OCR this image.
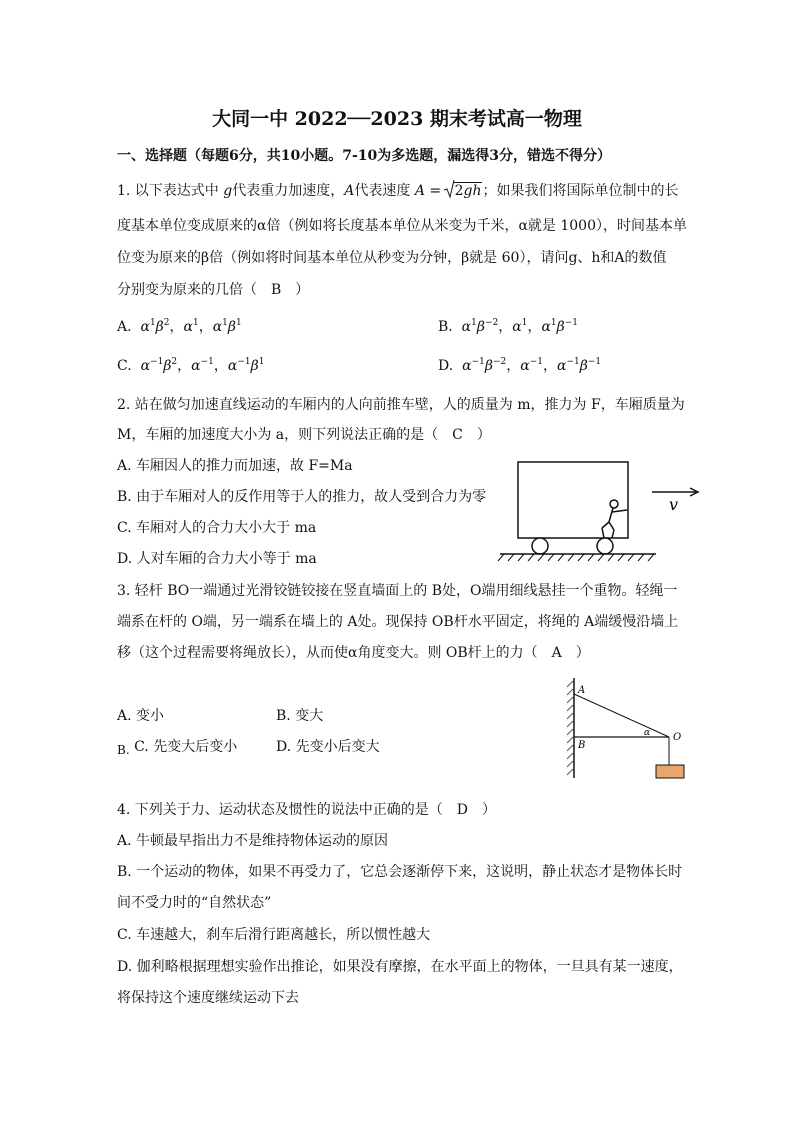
大同一中 2022──2023 期末考试高一物理
一、选择题（每题6分，共10小题。7-10为多选题，漏选得3分，错选不得分）
1. 以下表达式中 g代表重力加速度，A代表速度 A =
2gh；如果我们将国际单位制中的长
度基本单位变成原来的α倍（例如将长度基本单位从米变为千米，α就是 1000），时间基本单
位变为原来的β倍（例如将时间基本单位从秒变为分钟，β就是 60），请问g、h和A的数值
分别变为原来的几倍（　B　）
A. $\alpha^1\beta^2$，$\alpha^1$，$\alpha^1\beta^1$	B. $\alpha^1\beta^{-2}$，$\alpha^1$，$\alpha^1\beta^{-1}$
C. $\alpha^{-1}\beta^2$，$\alpha^{-1}$，$\alpha^{-1}\beta^1$	D. $\alpha^{-1}\beta^{-2}$，$\alpha^{-1}$，$\alpha^{-1}\beta^{-1}$
2. 站在做匀加速直线运动的车厢内的人向前推车壁，人的质量为 m，推力为 F，车厢质量为
M，车厢的加速度大小为 a，则下列说法正确的是（　C　）
A. 车厢因人的推力而加速，故 F=Ma
B. 由于车厢对人的反作用等于人的推力，故人受到合力为零
C. 车厢对人的合力大小大于 ma
D. 人对车厢的合力大小等于 ma
v
3. 轻杆 BO一端通过光滑铰链铰接在竖直墙面上的 B处，O端用细线悬挂一个重物。轻绳一
端系在杆的 O端，另一端系在墙上的 A处。现保持 OB杆水平固定，将绳的 A端缓慢沿墙上
移（这个过程需要将绳放长），从而使α角度变大。则 OB杆上的力（　A　）
A. 变小	B. 变大
B. C. 先变大后变小	D. 先变小后变大
A
B
O
α
4. 下列关于力、运动状态及惯性的说法中正确的是（　D　）
A. 牛顿最早指出力不是维持物体运动的原因
B. 一个运动的物体，如果不再受力了，它总会逐渐停下来，这说明，静止状态才是物体长时
间不受力时的“自然状态”
C. 车速越大，刹车后滑行距离越长，所以惯性越大
D. 伽利略根据理想实验作出推论，如果没有摩擦，在水平面上的物体，一旦具有某一速度，
将保持这个速度继续运动下去
